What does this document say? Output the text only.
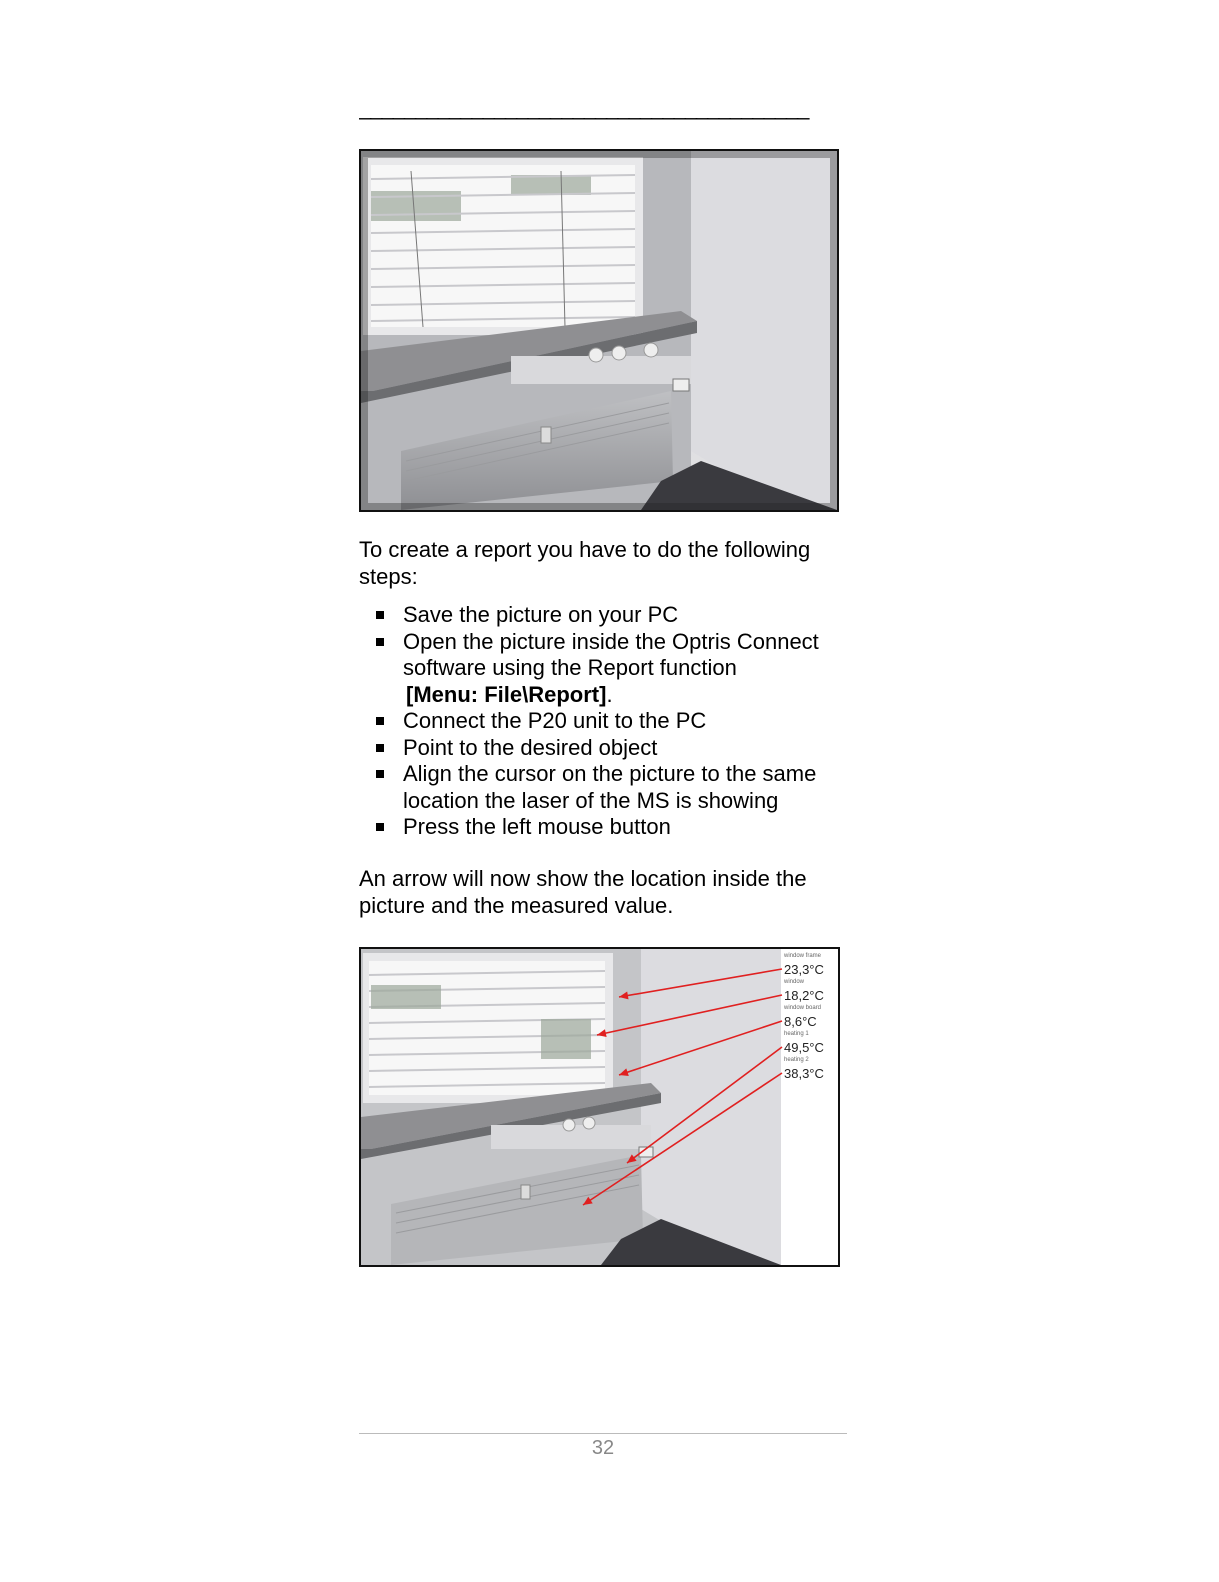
________________________________________
To create a report you have to do the following steps:
Save the picture on your PC
Open the picture inside the Optris Connect software using the Report function
[Menu: File\Report].
Connect the P20 unit to the PC
Point to the desired object
Align the cursor on the picture to the same location the laser of the MS is showing
Press the left mouse button
An arrow will now show the location inside the picture and the measured value.
window frame
23,3°C
window
18,2°C
window board
8,6°C
heating 1
49,5°C
heating 2
38,3°C
32
